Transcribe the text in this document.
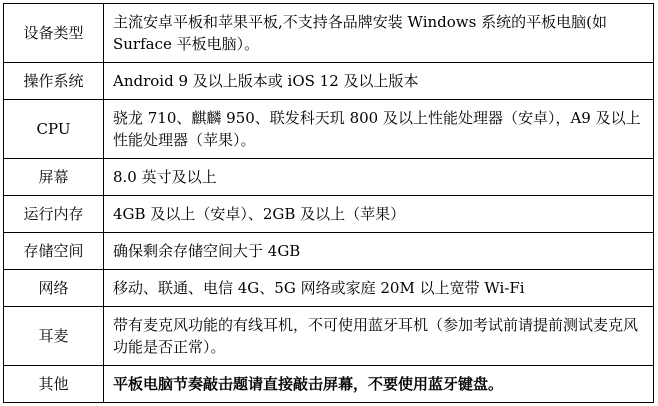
设备类型	主流安卓平板和苹果平板,不支持各品牌安装 Windows 系统的平板电脑(如 Surface 平板电脑）。
操作系统	Android 9 及以上版本或 iOS 12 及以上版本
CPU	骁龙 710、麒麟 950、联发科天玑 800 及以上性能处理器（安卓），A9 及以上性能处理器（苹果）。
屏幕	8.0 英寸及以上
运行内存	4GB 及以上（安卓）、2GB 及以上（苹果）
存储空间	确保剩余存储空间大于 4GB
网络	移动、联通、电信 4G、5G 网络或家庭 20M 以上宽带 Wi-Fi
耳麦	带有麦克风功能的有线耳机，不可使用蓝牙耳机（参加考试前请提前测试麦克风功能是否正常）。
其他	平板电脑节奏敲击题请直接敲击屏幕，不要使用蓝牙键盘。
